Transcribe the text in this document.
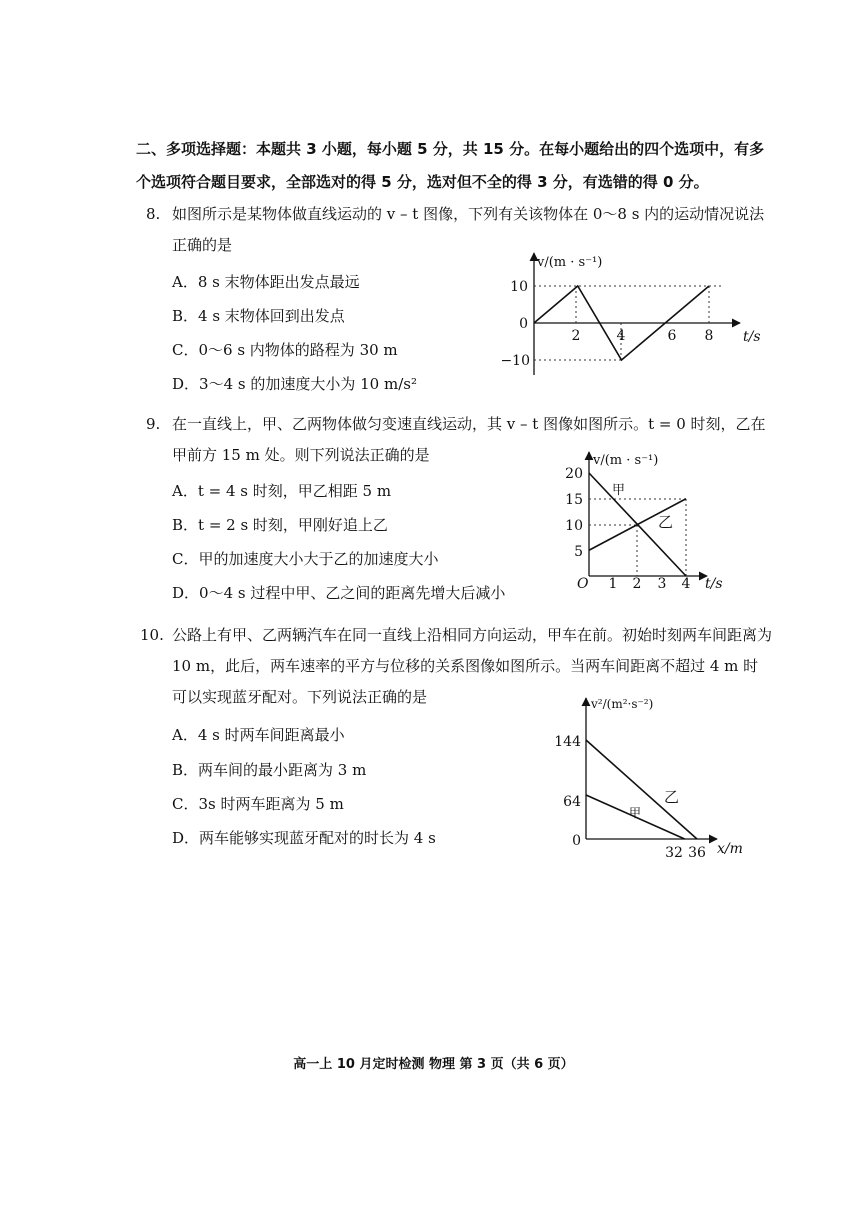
二、多项选择题：本题共 3 小题，每小题 5 分，共 15 分。在每小题给出的四个选项中，有多个选项符合题目要求，全部选对的得 5 分，选对但不全的得 3 分，有选错的得 0 分。
8. 如图所示是某物体做直线运动的 v – t 图像，下列有关该物体在 0～8 s 内的运动情况说法正确的是
A．8 s 末物体距出发点最远
B．4 s 末物体回到出发点
C．0～6 s 内物体的路程为 30 m
D．3～4 s 的加速度大小为 10 m/s²
v/(m · s⁻¹)
t/s
10
0
−10
2	4	6 8
9. 在一直线上，甲、乙两物体做匀变速直线运动，其 v – t 图像如图所示。t = 0 时刻，乙在甲前方 15 m 处。则下列说法正确的是
A．t = 4 s 时刻，甲乙相距 5 m
B．t = 2 s 时刻，甲刚好追上乙
C．甲的加速度大小大于乙的加速度大小
D．0～4 s 过程中甲、乙之间的距离先增大后减小
v/(m · s⁻¹)
t/s
O
20
15
10
5
1 2 3 4
甲
乙
10. 公路上有甲、乙两辆汽车在同一直线上沿相同方向运动，甲车在前。初始时刻两车间距离为 10 m，此后，两车速率的平方与位移的关系图像如图所示。当两车间距离不超过 4 m 时可以实现蓝牙配对。下列说法正确的是
A．4 s 时两车间距离最小
B．两车间的最小距离为 3 m
C．3s 时两车距离为 5 m
D．两车能够实现蓝牙配对的时长为 4 s
v²/(m²·s⁻²)
x/m
144
64
0
32 36
甲
乙
高一上 10 月定时检测 物理 第 3 页（共 6 页）
